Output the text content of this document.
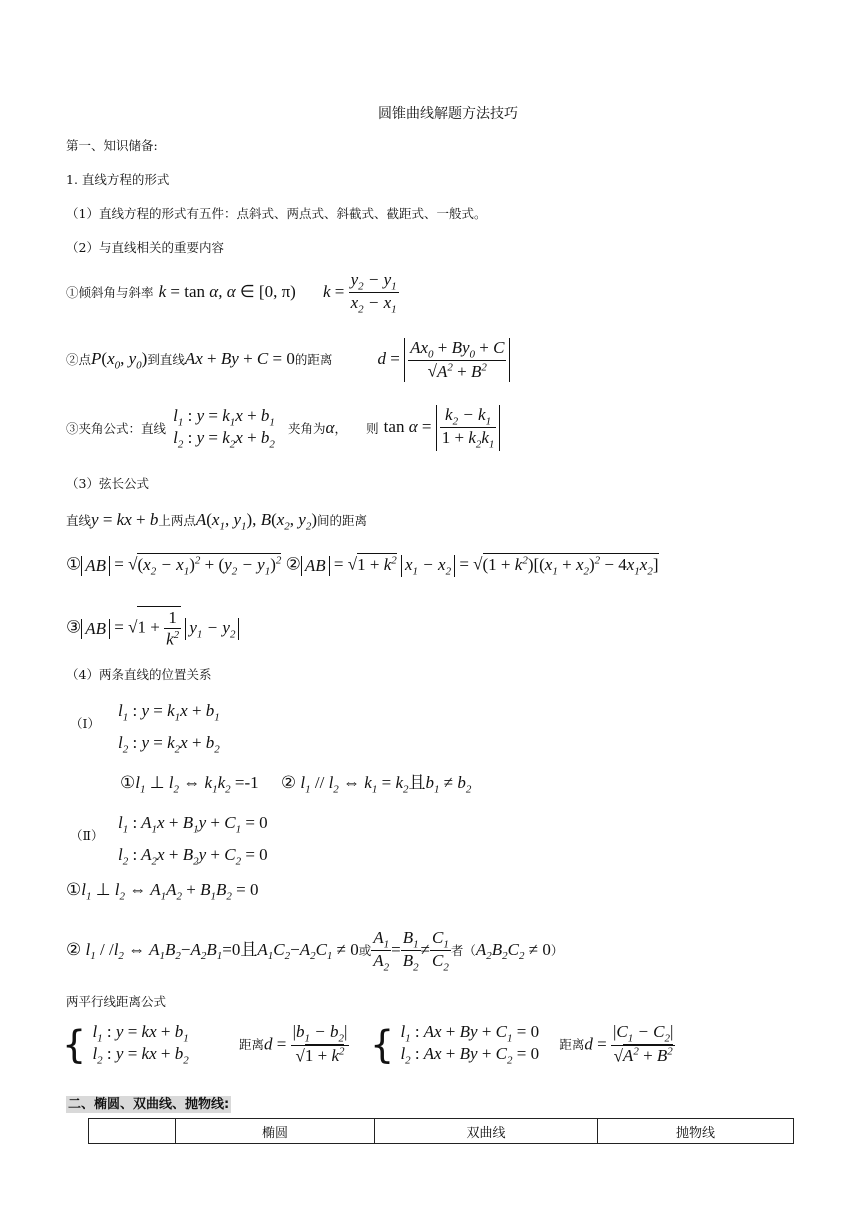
圆锥曲线解题方法技巧
第一、知识储备:
1. 直线方程的形式
（1）直线方程的形式有五件：点斜式、两点式、斜截式、截距式、一般式。
（2）与直线相关的重要内容
①倾斜角与斜率 k = tan α, α ∈ [0, π) $k = \frac{y_2 - y_1}{x_2 - x_1}$
②点$P(x_0$, $y_0$)到直线Ax + By + C = 0的距离	$d = \frac{Ax_0 + By_0 + C}{√A^2 + B^2}$
③夹角公式：直线
$l_1$ : $y = k_1x + b_1$
$l_2$ : $y = k_2x + b_2$
夹角为α， 则 $\tan \alpha = \frac{k_2 - k_1}{1 + k_2k_1}$
（3）弦长公式
直线y = kx + b上两点$A(x_1$, $y_1$), $B(x_2$, $y_2$)间的距离
① AB = $√(x_2 - x_1)^2 + (y_2 - y_1)^2$ ② AB = $√1 + k^2$ $x_1 - x_2 = √(1 + k^2)[(x_1 + x_2)^2 - 4x_1x_2]$
③ AB = $√1 + \frac{1}{k^2} y_1 - y_2$
（4）两条直线的位置关系
（Ⅰ）
$l_1$ : $y = k_1x + b_1$
$l_2$ : $y = k_2x + b_2$
$①l_1$ ⊥ $l_2$ ⇔ $k_1k_2 =-1$ ② $l_1 // l_2$ ⇔ $k_1 = k_2$且$b_1 \ne b_2$
（Ⅱ）
$l_1$ : $A_1x + B_1y + C_1 = 0$
$l_2$ : $A_2x + B_2y + C_2 = 0$
$①l_1$ ⊥ $l_2$ ⇔ $A_1A_2 + B_1B_2 = 0$
② $l_1 / /l_2$ ⇔ $A_1B_2-A_2B_1=0$且$A_1C_2-A_2C_1 \ne 0$或 $\frac{A_1}{A_2} = \frac{B_1}{B_2} \ne \frac{C_1}{C_2}$ 者$(A_2B_2C_2 \ne 0)$
两平行线距离公式
{ $l_1$ : y = kx + $b_1$
$l_2$ : y = kx + $b_2$
距离$d = \frac{|b_1 - b_2|}{√1 + k^2}$ { $l_1$ : $Ax + By + C_1 = 0$
$l_2$ : $Ax + By + C_2 = 0$ 距离$d = \frac{|C_1 - C_2|}{√A^2 + B^2}$
二、椭圆、双曲线、抛物线:
	椭圆	双曲线	抛物线
